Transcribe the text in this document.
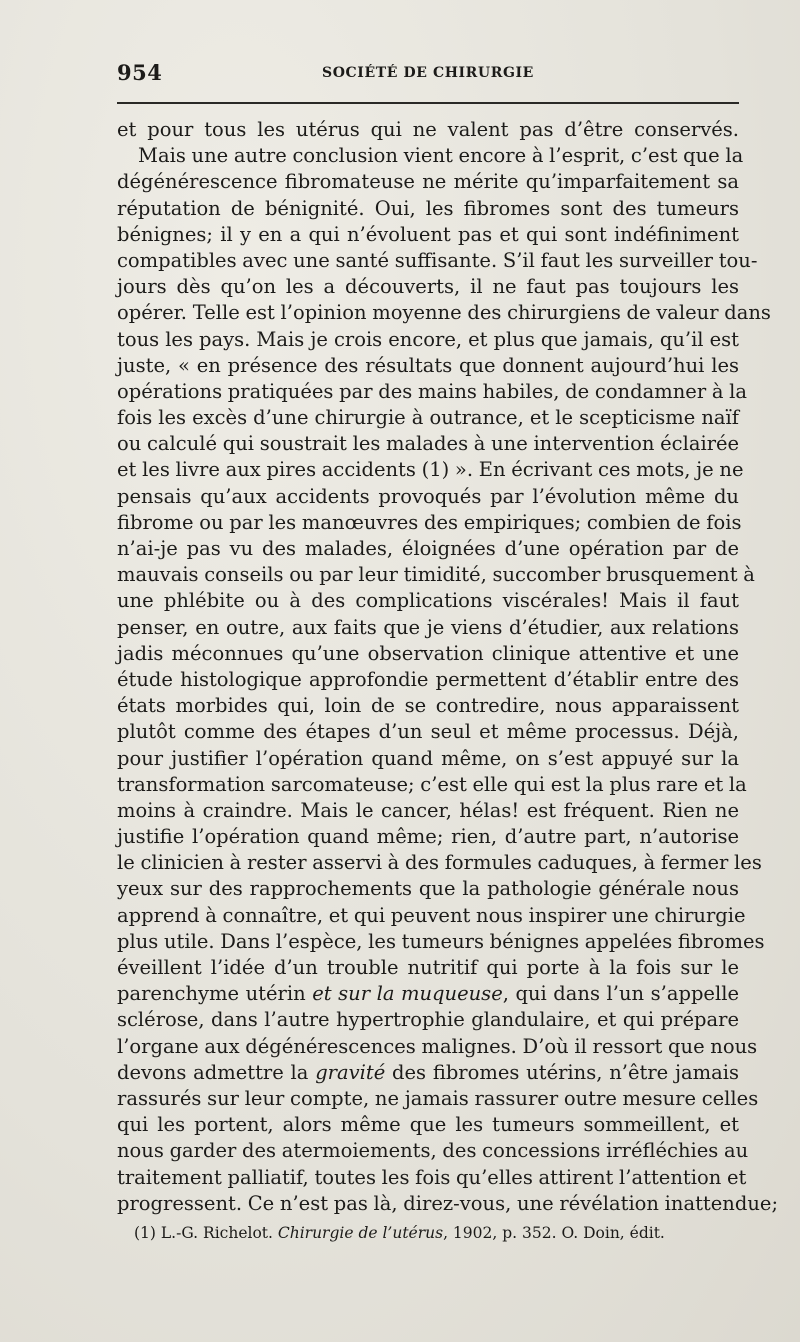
954	SOCIÉTÉ DE CHIRURGIE
et pour tous les utérus qui ne valent pas d’être conservés.
Mais une autre conclusion vient encore à l’esprit, c’est que la
dégénérescence fibromateuse ne mérite qu’imparfaitement sa
réputation de bénignité. Oui, les fibromes sont des tumeurs
bénignes; il y en a qui n’évoluent pas et qui sont indéfiniment
compatibles avec une santé suffisante. S’il faut les surveiller tou-
jours dès qu’on les a découverts, il ne faut pas toujours les
opérer. Telle est l’opinion moyenne des chirurgiens de valeur dans
tous les pays. Mais je crois encore, et plus que jamais, qu’il est
juste, « en présence des résultats que donnent aujourd’hui les
opérations pratiquées par des mains habiles, de condamner à la
fois les excès d’une chirurgie à outrance, et le scepticisme naïf
ou calculé qui soustrait les malades à une intervention éclairée
et les livre aux pires accidents (1) ». En écrivant ces mots, je ne
pensais qu’aux accidents provoqués par l’évolution même du
fibrome ou par les manœuvres des empiriques; combien de fois
n’ai-je pas vu des malades, éloignées d’une opération par de
mauvais conseils ou par leur timidité, succomber brusquement à
une phlébite ou à des complications viscérales! Mais il faut
penser, en outre, aux faits que je viens d’étudier, aux relations
jadis méconnues qu’une observation clinique attentive et une
étude histologique approfondie permettent d’établir entre des
états morbides qui, loin de se contredire, nous apparaissent
plutôt comme des étapes d’un seul et même processus. Déjà,
pour justifier l’opération quand même, on s’est appuyé sur la
transformation sarcomateuse; c’est elle qui est la plus rare et la
moins à craindre. Mais le cancer, hélas! est fréquent. Rien ne
justifie l’opération quand même; rien, d’autre part, n’autorise
le clinicien à rester asservi à des formules caduques, à fermer les
yeux sur des rapprochements que la pathologie générale nous
apprend à connaître, et qui peuvent nous inspirer une chirurgie
plus utile. Dans l’espèce, les tumeurs bénignes appelées fibromes
éveillent l’idée d’un trouble nutritif qui porte à la fois sur le
parenchyme utérin et sur la muqueuse, qui dans l’un s’appelle
sclérose, dans l’autre hypertrophie glandulaire, et qui prépare
l’organe aux dégénérescences malignes. D’où il ressort que nous
devons admettre la gravité des fibromes utérins, n’être jamais
rassurés sur leur compte, ne jamais rassurer outre mesure celles
qui les portent, alors même que les tumeurs sommeillent, et
nous garder des atermoiements, des concessions irréfléchies au
traitement palliatif, toutes les fois qu’elles attirent l’attention et
progressent. Ce n’est pas là, direz-vous, une révélation inattendue;
(1) L.-G. Richelot. Chirurgie de l’utérus, 1902, p. 352. O. Doin, édit.
